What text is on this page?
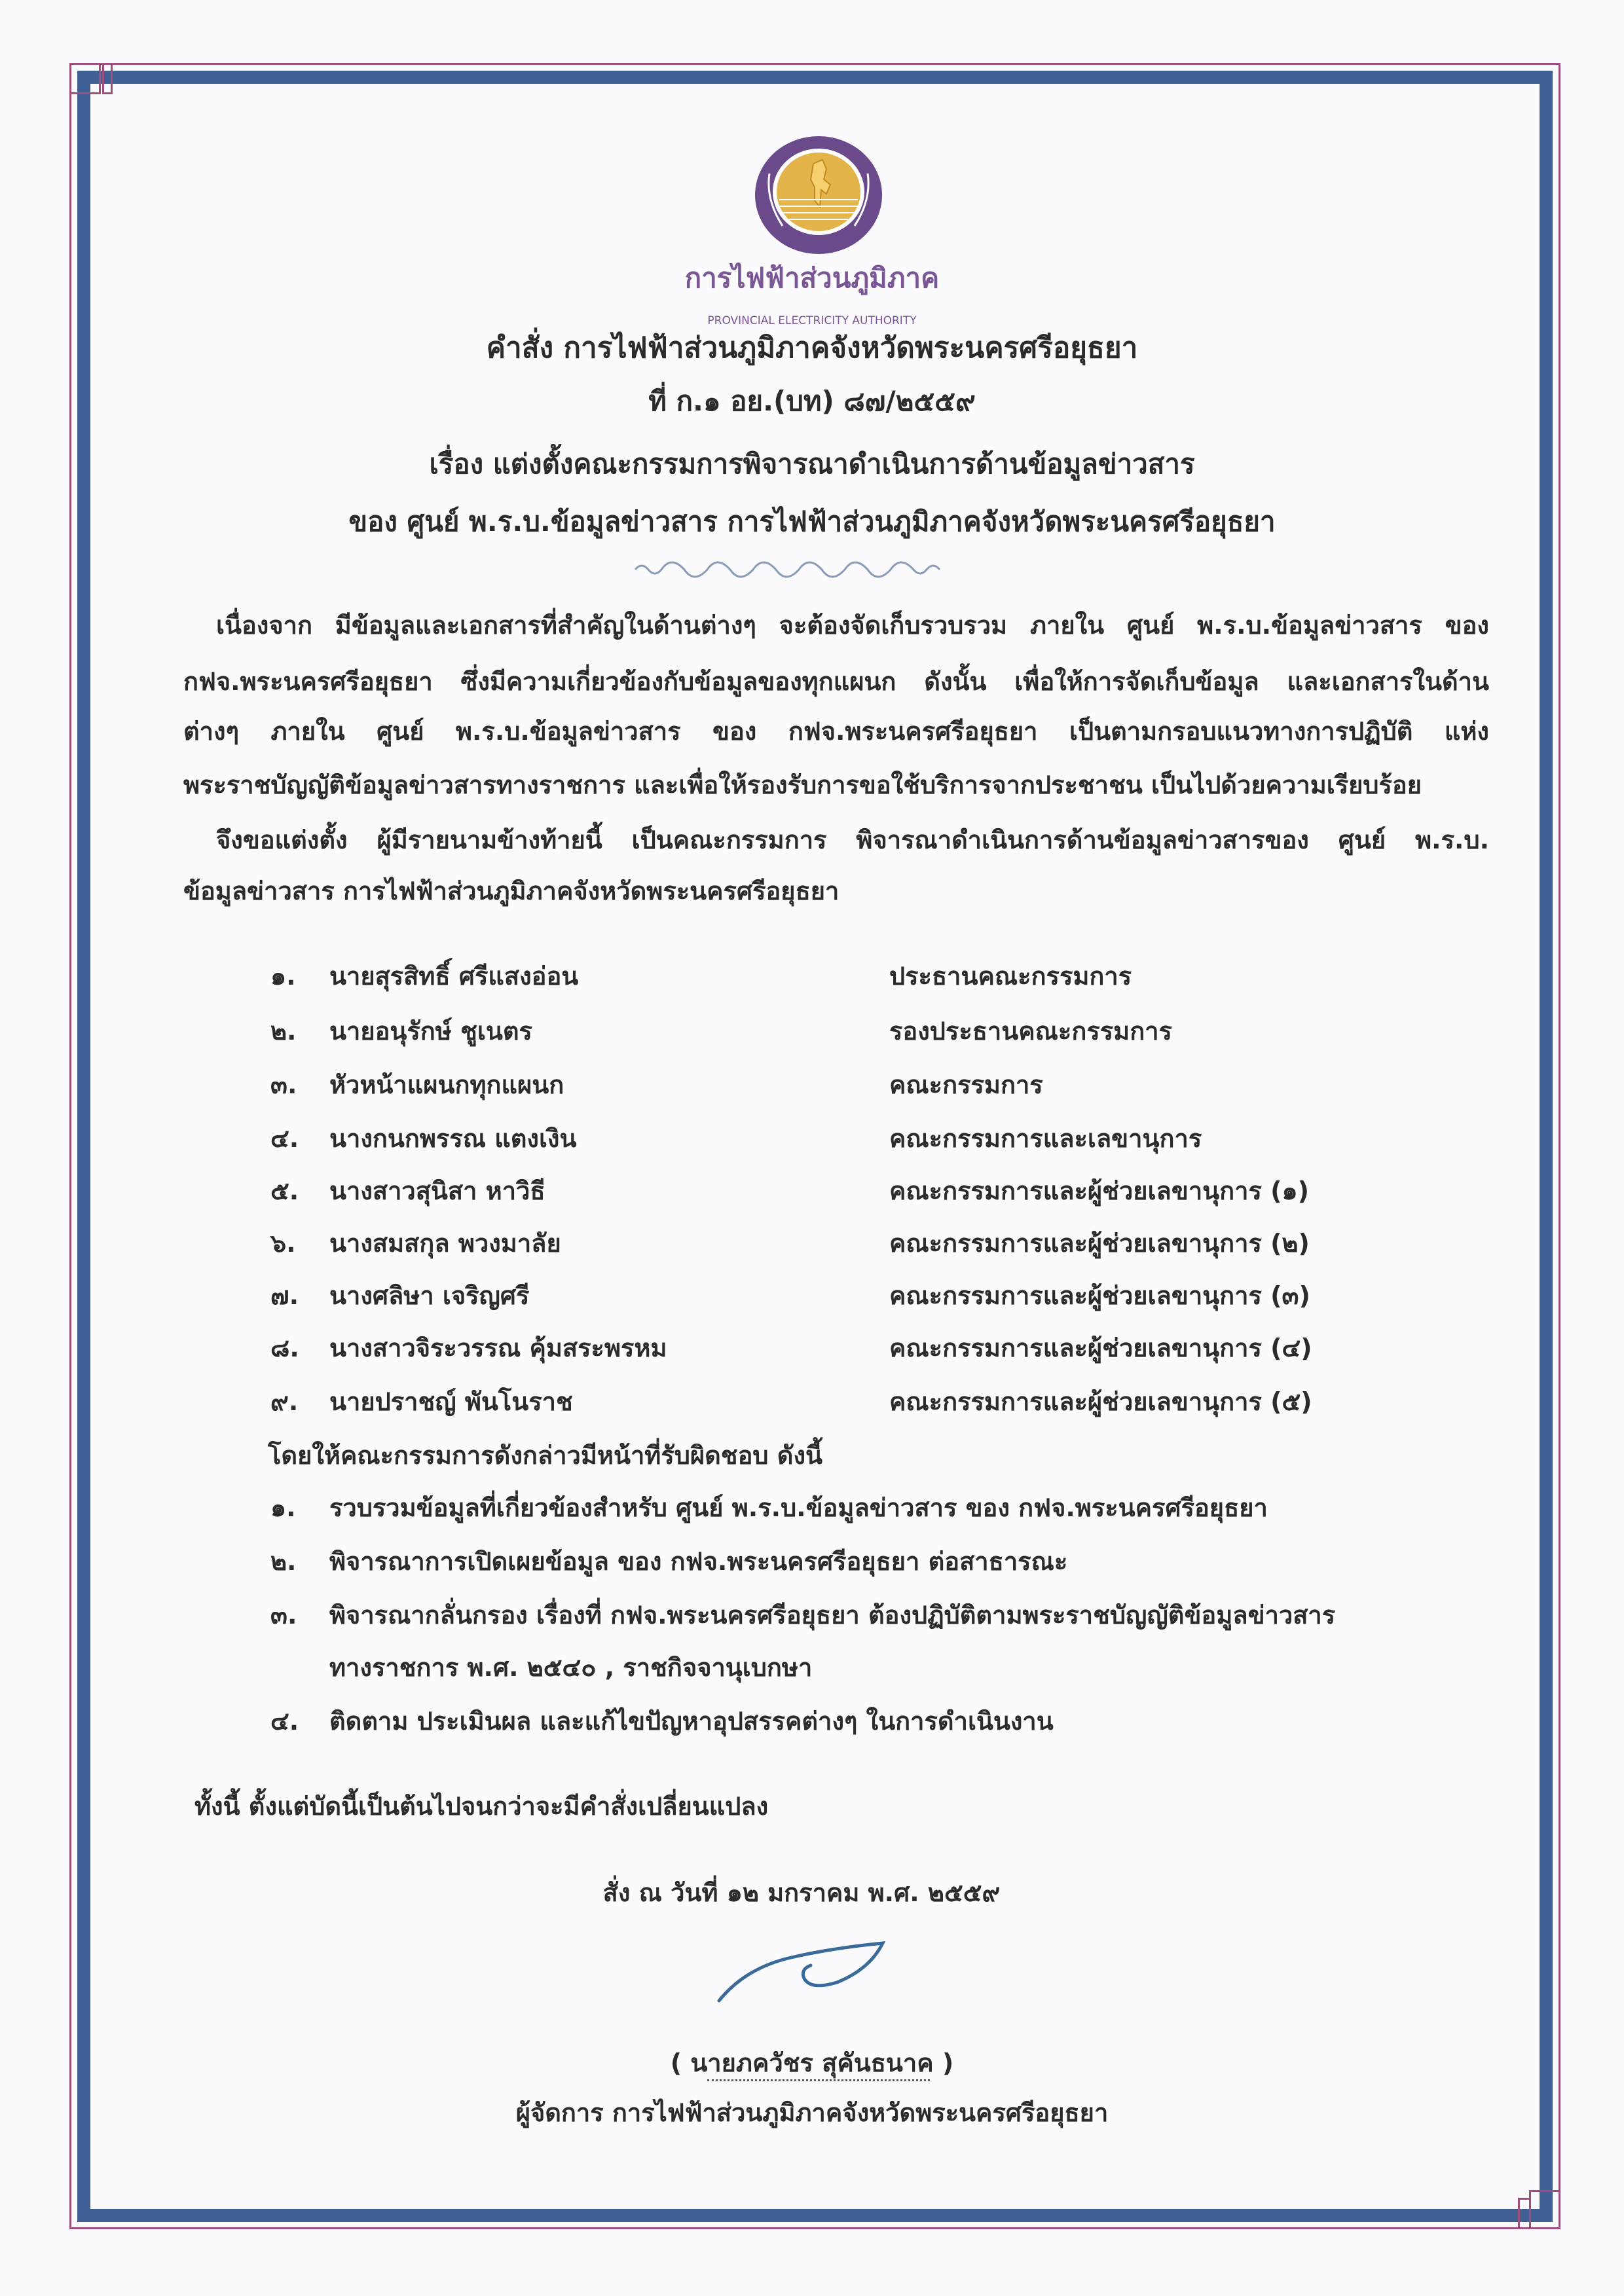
การไฟฟ้าส่วนภูมิภาค
PROVINCIAL ELECTRICITY AUTHORITY
คำสั่ง การไฟฟ้าส่วนภูมิภาคจังหวัดพระนครศรีอยุธยา
ที่ ก.๑ อย.(บท) ๘๗/๒๕๕๙
เรื่อง แต่งตั้งคณะกรรมการพิจารณาดำเนินการด้านข้อมูลข่าวสาร
ของ ศูนย์ พ.ร.บ.ข้อมูลข่าวสาร การไฟฟ้าส่วนภูมิภาคจังหวัดพระนครศรีอยุธยา
เนื่องจาก มีข้อมูลและเอกสารที่สำคัญในด้านต่างๆ จะต้องจัดเก็บรวบรวม ภายใน ศูนย์ พ.ร.บ.ข้อมูลข่าวสาร ของ
กฟจ.พระนครศรีอยุธยา ซึ่งมีความเกี่ยวข้องกับข้อมูลของทุกแผนก ดังนั้น เพื่อให้การจัดเก็บข้อมูล และเอกสารในด้าน
ต่างๆ ภายใน ศูนย์ พ.ร.บ.ข้อมูลข่าวสาร ของ กฟจ.พระนครศรีอยุธยา เป็นตามกรอบแนวทางการปฏิบัติ แห่ง
พระราชบัญญัติข้อมูลข่าวสารทางราชการ และเพื่อให้รองรับการขอใช้บริการจากประชาชน เป็นไปด้วยความเรียบร้อย
จึงขอแต่งตั้ง ผู้มีรายนามข้างท้ายนี้ เป็นคณะกรรมการ พิจารณาดำเนินการด้านข้อมูลข่าวสารของ ศูนย์ พ.ร.บ.
ข้อมูลข่าวสาร การไฟฟ้าส่วนภูมิภาคจังหวัดพระนครศรีอยุธยา
๑. นายสุรสิทธิ์ ศรีแสงอ่อน	ประธานคณะกรรมการ
๒. นายอนุรักษ์ ชูเนตร	รองประธานคณะกรรมการ
๓. หัวหน้าแผนกทุกแผนก	คณะกรรมการ
๔. นางกนกพรรณ แตงเงิน	คณะกรรมการและเลขานุการ
๕. นางสาวสุนิสา หาวิธี	คณะกรรมการและผู้ช่วยเลขานุการ (๑)
๖. นางสมสกุล พวงมาลัย	คณะกรรมการและผู้ช่วยเลขานุการ (๒)
๗. นางศลิษา เจริญศรี	คณะกรรมการและผู้ช่วยเลขานุการ (๓)
๘. นางสาวจิระวรรณ คุ้มสระพรหม	คณะกรรมการและผู้ช่วยเลขานุการ (๔)
๙. นายปราชญ์ พันโนราช	คณะกรรมการและผู้ช่วยเลขานุการ (๕)
โดยให้คณะกรรมการดังกล่าวมีหน้าที่รับผิดชอบ ดังนี้
๑. รวบรวมข้อมูลที่เกี่ยวข้องสำหรับ ศูนย์ พ.ร.บ.ข้อมูลข่าวสาร ของ กฟจ.พระนครศรีอยุธยา
๒. พิจารณาการเปิดเผยข้อมูล ของ กฟจ.พระนครศรีอยุธยา ต่อสาธารณะ
๓. พิจารณากลั่นกรอง เรื่องที่ กฟจ.พระนครศรีอยุธยา ต้องปฏิบัติตามพระราชบัญญัติข้อมูลข่าวสาร
ทางราชการ พ.ศ. ๒๕๔๐ , ราชกิจจานุเบกษา
๔. ติดตาม ประเมินผล และแก้ไขปัญหาอุปสรรคต่างๆ ในการดำเนินงาน
ทั้งนี้ ตั้งแต่บัดนี้เป็นต้นไปจนกว่าจะมีคำสั่งเปลี่ยนแปลง
สั่ง ณ วันที่ ๑๒ มกราคม พ.ศ. ๒๕๕๙
( นายภควัชร สุคันธนาค )
ผู้จัดการ การไฟฟ้าส่วนภูมิภาคจังหวัดพระนครศรีอยุธยา
